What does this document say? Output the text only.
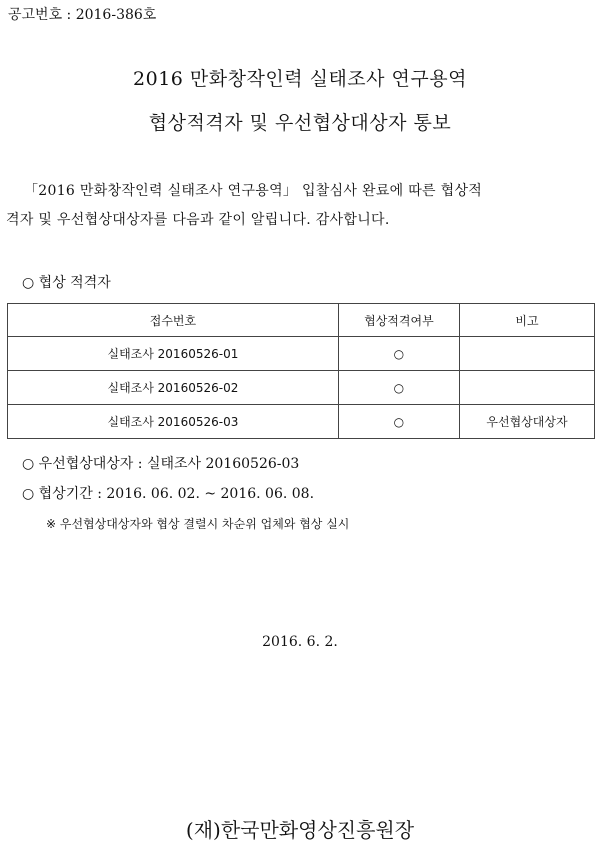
공고번호 : 2016-386호
2016 만화창작인력 실태조사 연구용역
협상적격자 및 우선협상대상자 통보
「2016 만화창작인력 실태조사 연구용역」 입찰심사 완료에 따른 협상적
격자 및 우선협상대상자를 다음과 같이 알립니다. 감사합니다.
○ 협상 적격자
접수번호	협상적격여부	비고
실태조사 20160526-01	○	
실태조사 20160526-02	○	
실태조사 20160526-03	○	우선협상대상자
○ 우선협상대상자 : 실태조사 20160526-03
○ 협상기간 : 2016. 06. 02. ~ 2016. 06. 08.
※ 우선협상대상자와 협상 결렬시 차순위 업체와 협상 실시
2016. 6. 2.
(재)한국만화영상진흥원장
